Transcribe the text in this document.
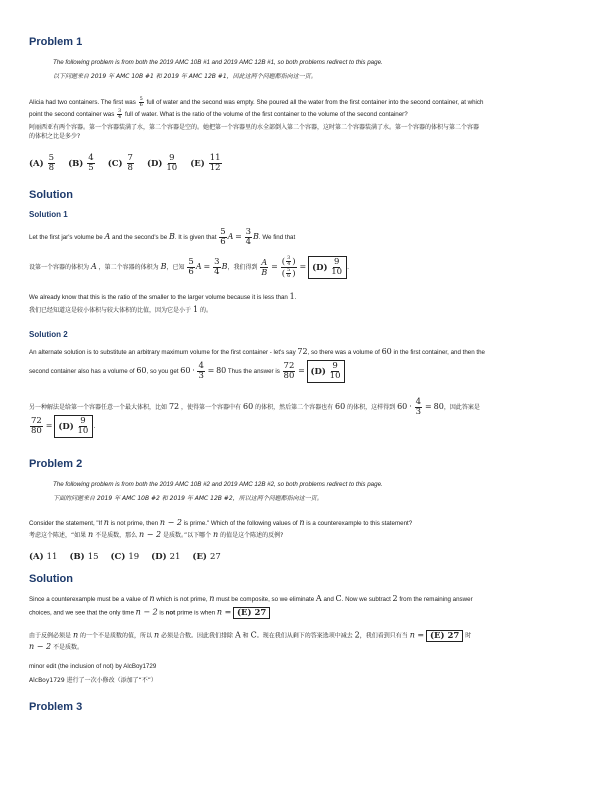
Problem 1
The following problem is from both the 2019 AMC 10B #1 and 2019 AMC 12B #1, so both problems redirect to this page.
以下问题来自 2019 年 AMC 10B #1 和 2019 年 AMC 12B #1，因此这两个问题都指向这一页。
Alicia had two containers. The first was $\frac{5}{6}$ full of water and the second was empty. She poured all the water from the first container into the second container, at which
point the second container was $\frac{3}{4}$ full of water. What is the ratio of the volume of the first container to the volume of the second container?
阿丽西亚有两个容器。第一个容器装满了水，第二个容器是空的。她把第一个容器里的水全部倒入第二个容器，这时第二个容器装满了水。第一个容器的体积与第二个容器
的体积之比是多少?
$(A) \frac{5}{8} (B) \frac{4}{5} (C) \frac{7}{8} (D) \frac{9}{10} (E) \frac{11}{12}$
Solution
Solution 1
Let the first jar's volume be A and the second's be B. It is given that $\frac{5}{6}$ $A = \frac{3}{4} B$. We find that
设第一个容器的体积为 A ，第二个容器的体积为 B，已知 $\frac{5}{6}$ $A = \frac{3}{4}$ B，我们得到 $\frac{A}{B} = \frac{( \frac{3}{4} )}{( \frac{5}{6} )} = (D) \frac{9}{10}$ .
We already know that this is the ratio of the smaller to the larger volume because it is less than 1.
我们已经知道这是较小体积与较大体积的比值，因为它是小于 1 的。
Solution 2
An alternate solution is to substitute an arbitrary maximum volume for the first container - let's say 72, so there was a volume of 60 in the first container, and then the
second container also has a volume of 60, so you get $60 \cdot \frac{4}{3} = 80$ Thus the answer is $\frac{72}{80} = (D) \frac{9}{10}$
另一种解法是给第一个容器任意一个最大体积，比如 72 ，使得第一个容器中有 60 的体积，然后第二个容器也有 60 的体积，这样得到 $60 \cdot \frac{4}{3} = 80$，因此答案是
$\frac{72}{80} = (D) \frac{9}{10}$ .
Problem 2
The following problem is from both the 2019 AMC 10B #2 and 2019 AMC 12B #2, so both problems redirect to this page.
下面的问题来自 2019 年 AMC 10B #2 和 2019 年 AMC 12B #2，所以这两个问题都指向这一页。
Consider the statement, "If n is not prime, then n − 2 is prime." Which of the following values of n is a counterexample to this statement?
考虑这个陈述，“如果 n 不是质数，那么 n − 2 是质数。”以下哪个 n 的值是这个陈述的反例?
(A) 11 (B) 15 (C) 19 (D) 21 (E) 27
Solution
Since a counterexample must be a value of n which is not prime, n must be composite, so we eliminate A and C. Now we subtract 2 from the remaining answer
choices, and we see that the only time n − 2 is not prime is when n = (E) 27
由于反例必须是 n 的一个不是质数的值，所以 n 必须是合数。因此我们排除 A 和 C。现在我们从剩下的答案选项中减去 2，我们看到只有当 n = (E) 27 时
n − 2 不是质数。
minor edit (the inclusion of not) by AlcBoy1729
AlcBoy1729 进行了一次小修改（添加了“不”）
Problem 3
